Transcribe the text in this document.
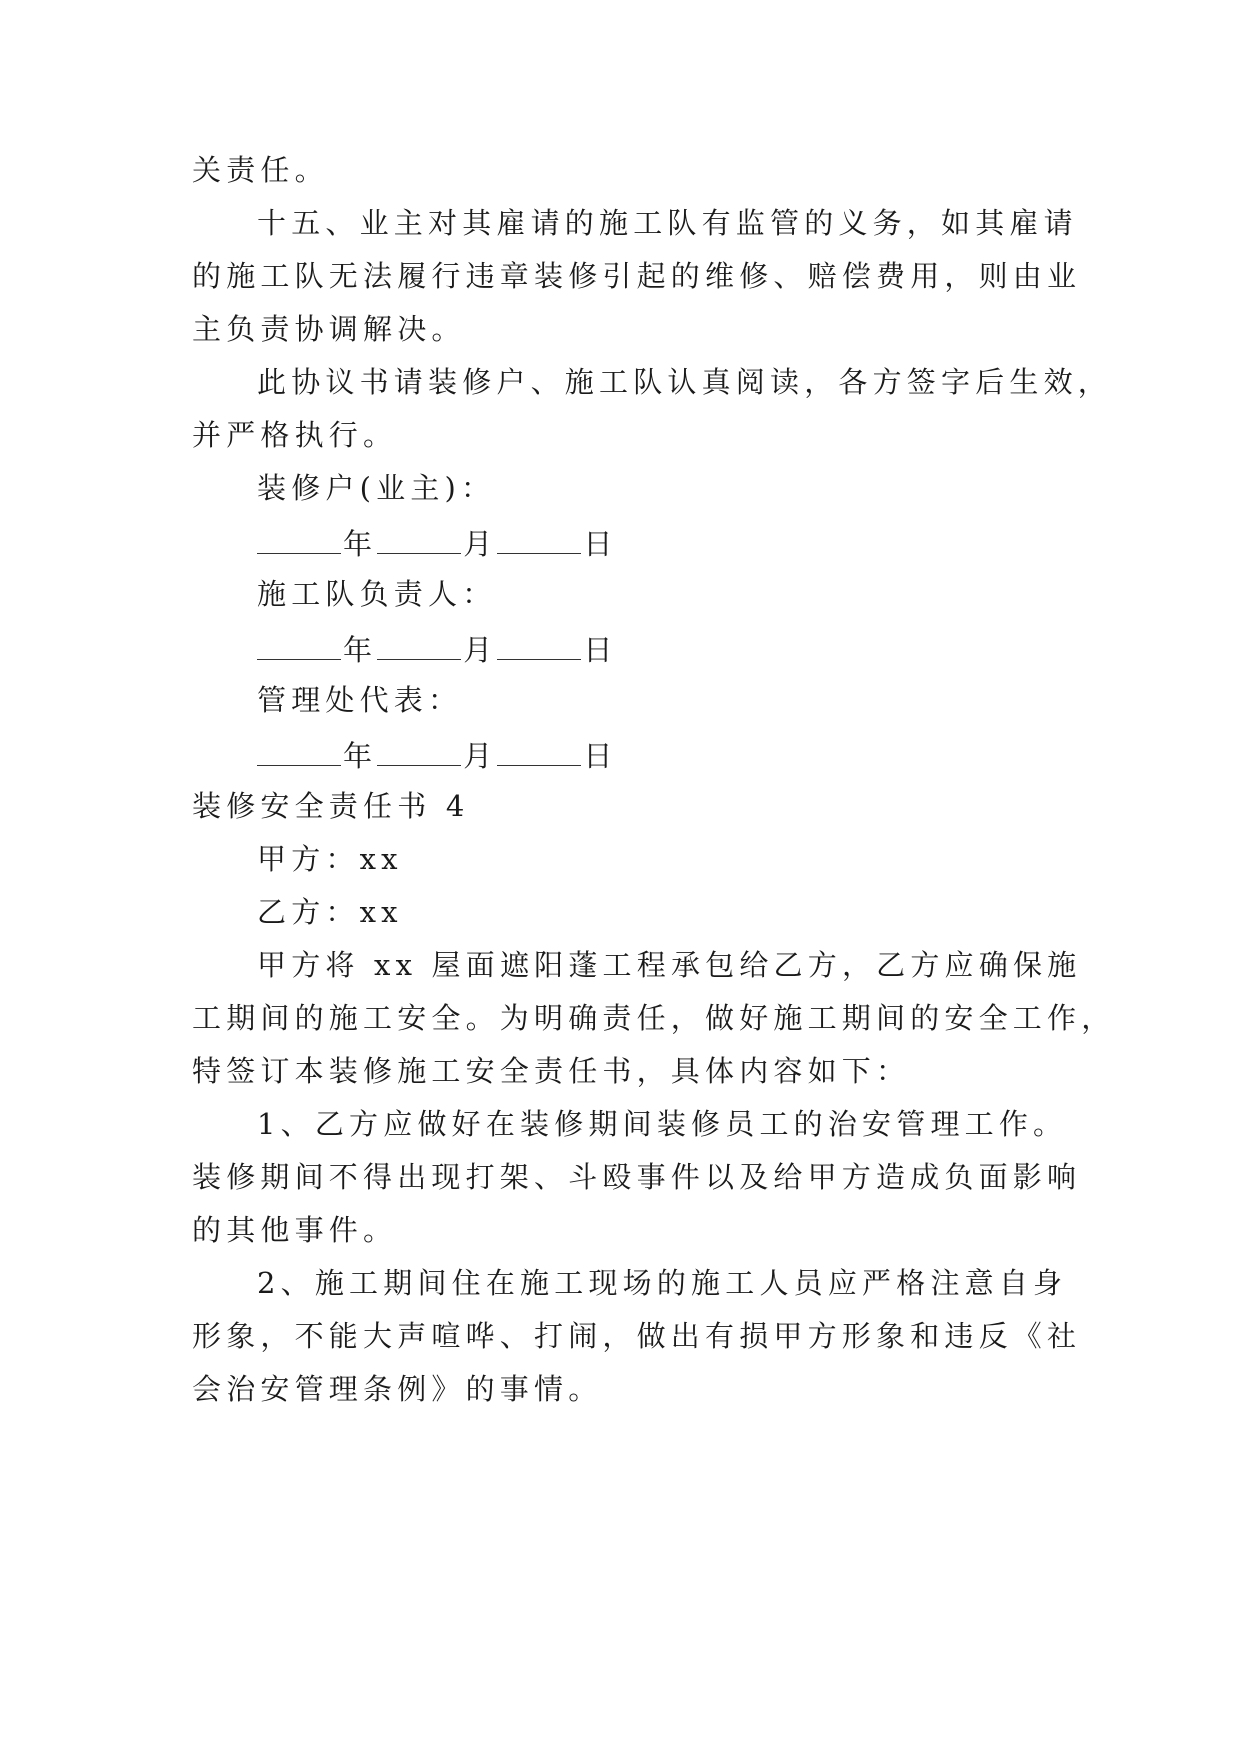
关责任。
十五、业主对其雇请的施工队有监管的义务，如其雇请
的施工队无法履行违章装修引起的维修、赔偿费用，则由业
主负责协调解决。
此协议书请装修户、施工队认真阅读，各方签字后生效，
并严格执行。
装修户(业主)：
年	月	日
施工队负责人：
年	月	日
管理处代表：
年	月	日
装修安全责任书 4
甲方：xx
乙方：xx
甲方将 xx 屋面遮阳蓬工程承包给乙方，乙方应确保施
工期间的施工安全。为明确责任，做好施工期间的安全工作，
特签订本装修施工安全责任书，具体内容如下：
1、乙方应做好在装修期间装修员工的治安管理工作。
装修期间不得出现打架、斗殴事件以及给甲方造成负面影响
的其他事件。
2、施工期间住在施工现场的施工人员应严格注意自身
形象，不能大声喧哗、打闹，做出有损甲方形象和违反《社
会治安管理条例》的事情。
